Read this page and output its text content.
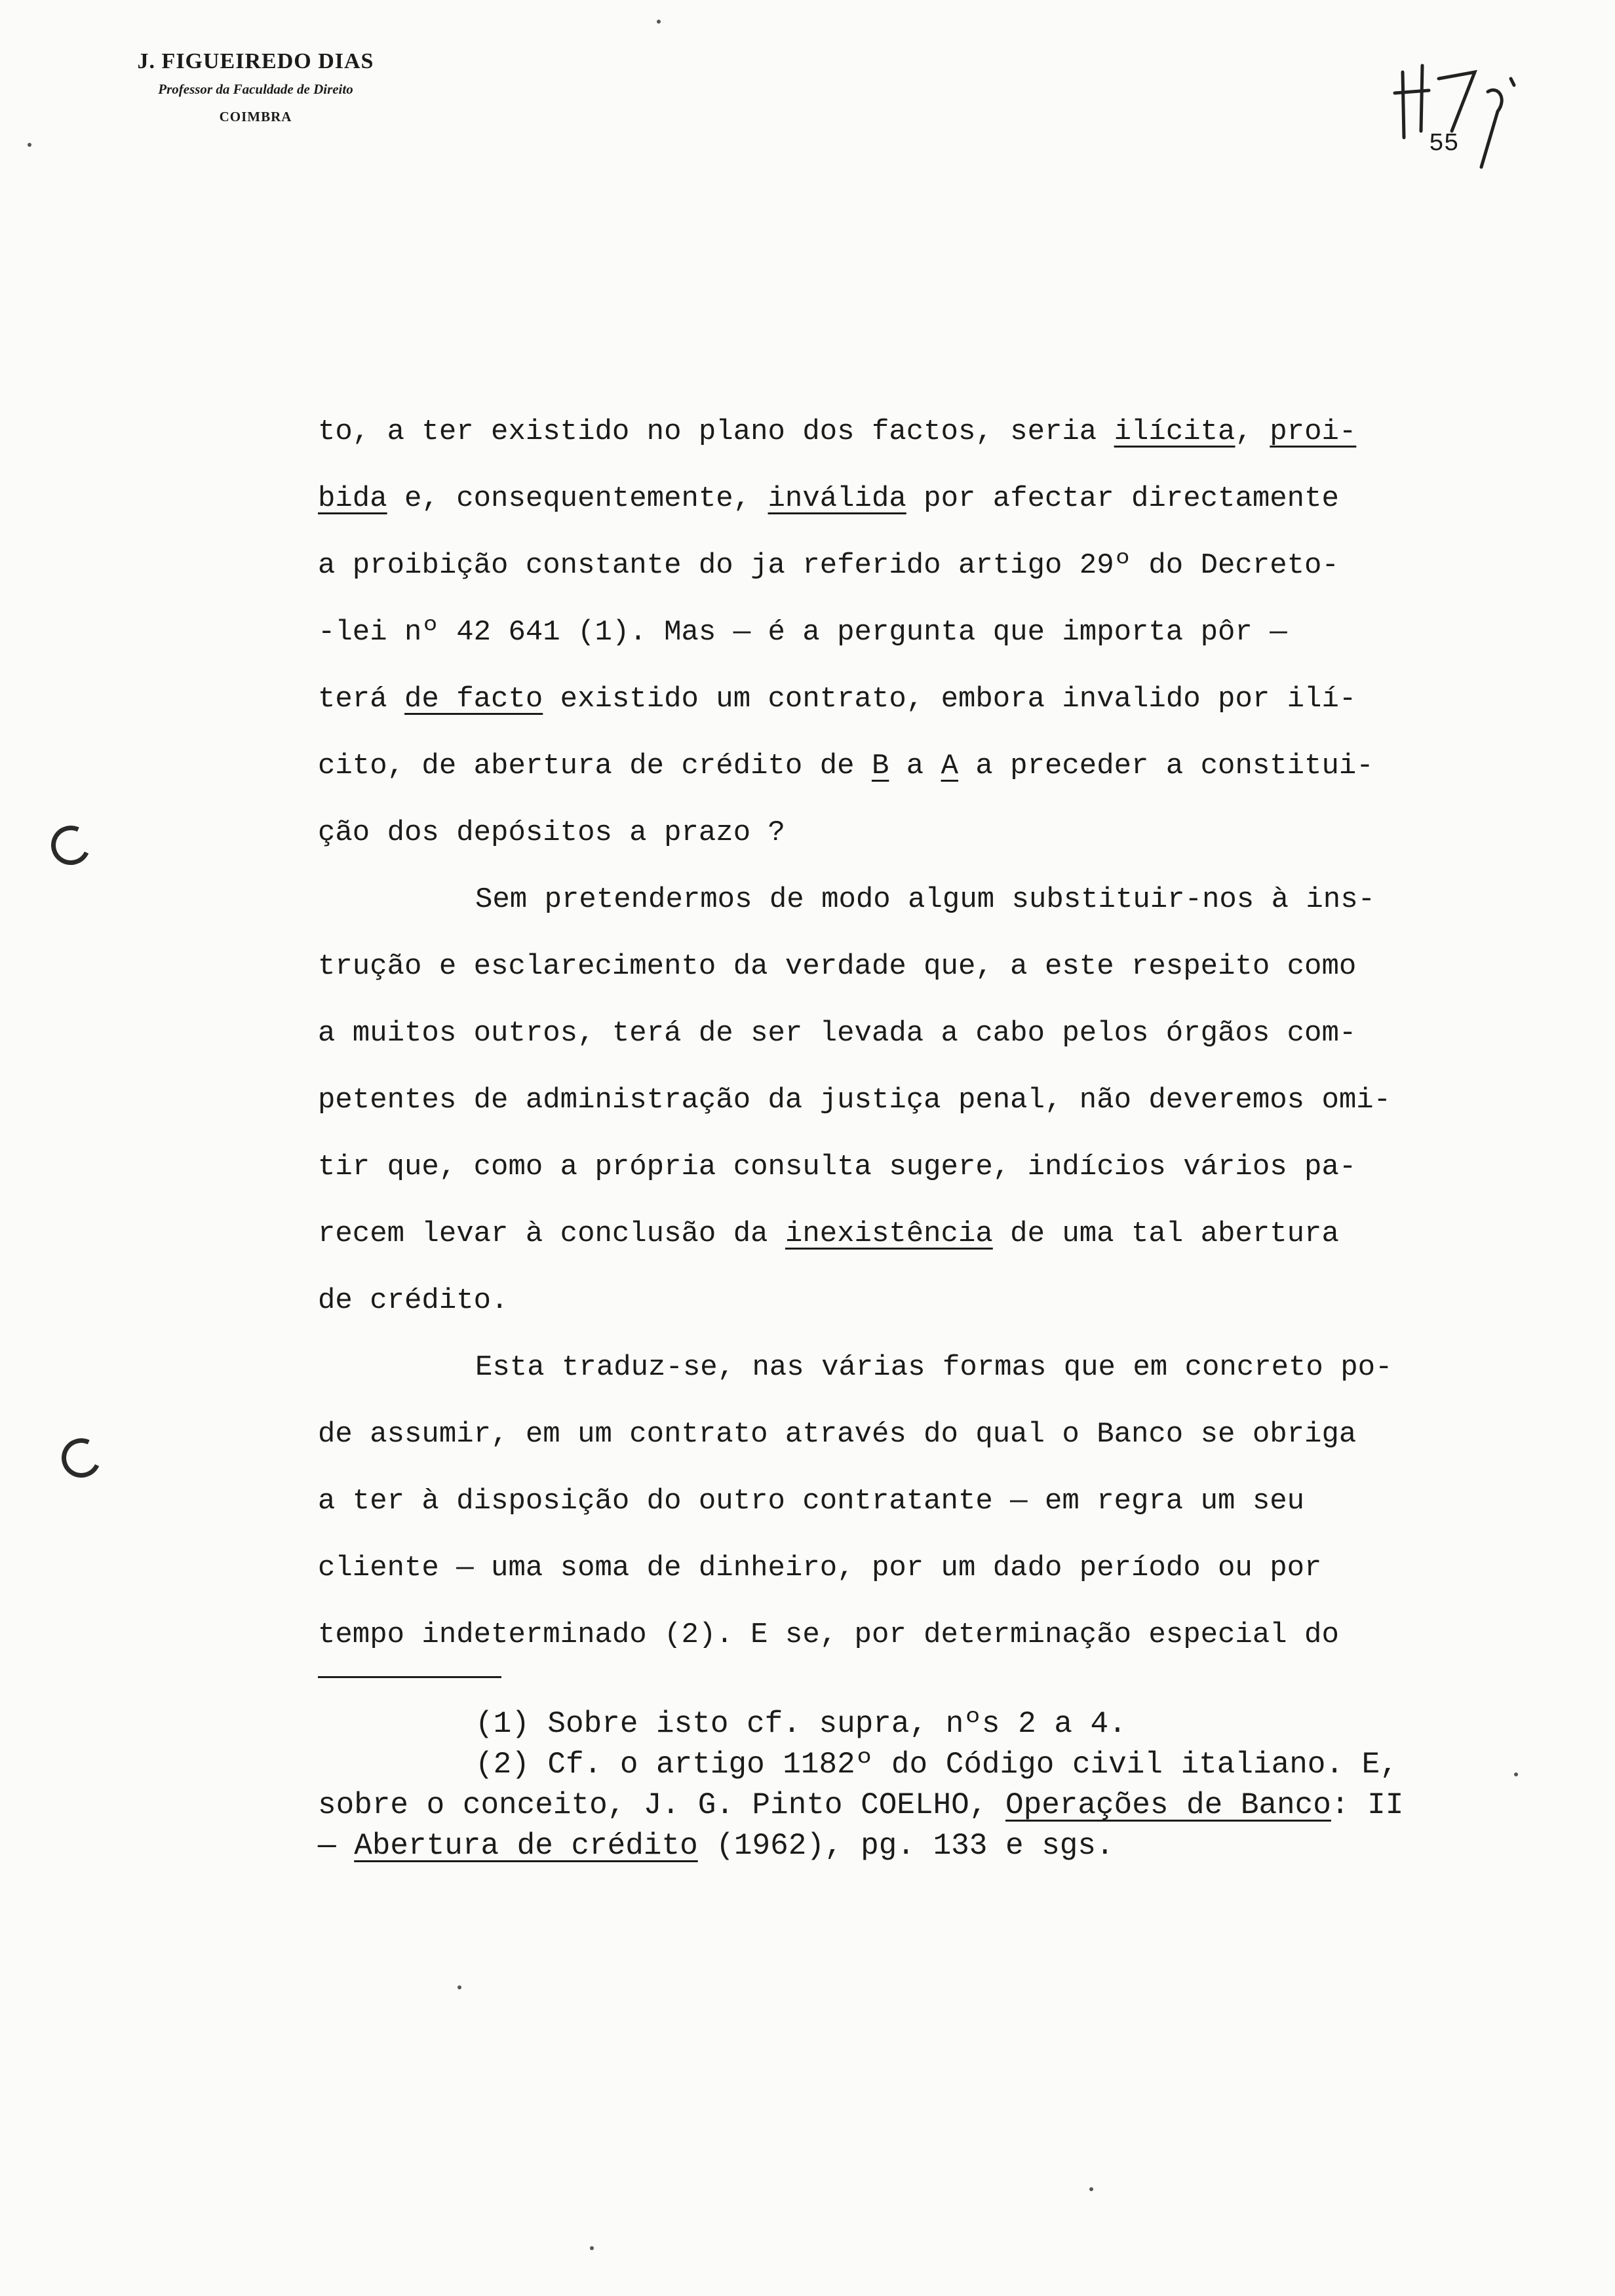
J. FIGUEIREDO DIAS
Professor da Faculdade de Direito
COIMBRA
55
to, a ter existido no plano dos factos, seria ilícita, proi-
bida e, consequentemente, inválida por afectar directamente
a proibição constante do ja referido artigo 29º do Decreto-
-lei nº 42 641 (1). Mas — é a pergunta que importa pôr —
terá de facto existido um contrato, embora invalido por ilí-
cito, de abertura de crédito de B a A a preceder a constitui-
ção dos depósitos a prazo ?
Sem pretendermos de modo algum substituir-nos à ins-
trução e esclarecimento da verdade que, a este respeito como
a muitos outros, terá de ser levada a cabo pelos órgãos com-
petentes de administração da justiça penal, não deveremos omi-
tir que, como a própria consulta sugere, indícios vários pa-
recem levar à conclusão da inexistência de uma tal abertura
de crédito.
Esta traduz-se, nas várias formas que em concreto po-
de assumir, em um contrato através do qual o Banco se obriga
a ter à disposição do outro contratante — em regra um seu
cliente — uma soma de dinheiro, por um dado período ou por
tempo indeterminado (2). E se, por determinação especial do
(1) Sobre isto cf. supra, nºs 2 a 4.
(2) Cf. o artigo 1182º do Código civil italiano. E,
sobre o conceito, J. G. Pinto COELHO, Operações de Banco: II
— Abertura de crédito (1962), pg. 133 e sgs.
